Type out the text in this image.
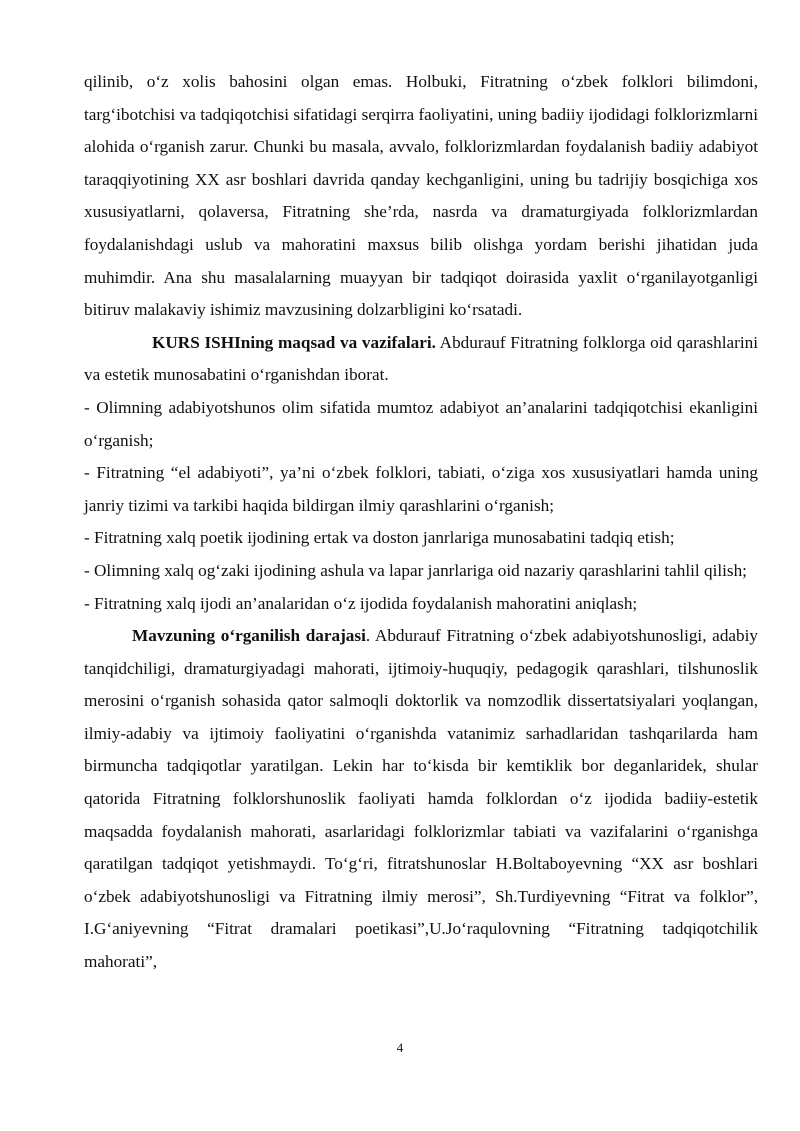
qilinib, o‘z xolis bahosini olgan emas. Holbuki, Fitratning o‘zbek folklori bilimdoni, targ‘ibotchisi va tadqiqotchisi sifatidagi serqirra faoliyatini, uning badiiy ijodidagi folklorizmlarni alohida o‘rganish zarur. Chunki bu masala, avvalo, folklorizmlardan foydalanish badiiy adabiyot taraqqiyotining XX asr boshlari davrida qanday kechganligini, uning bu tadrijiy bosqichiga xos xususiyatlarni, qolaversa, Fitratning she’rda, nasrda va dramaturgiyada folklorizmlardan foydalanishdagi uslub va mahoratini maxsus bilib olishga yordam berishi jihatidan juda muhimdir. Ana shu masalalarning muayyan bir tadqiqot doirasida yaxlit o‘rganilayotganligi bitiruv malakaviy ishimiz mavzusining dolzarbligini ko‘rsatadi.

KURS ISHIning maqsad va vazifalari. Abdurauf Fitratning folklorga oid qarashlarini va estetik munosabatini o‘rganishdan iborat.

- Olimning adabiyotshunos olim sifatida mumtoz adabiyot an’analarini tadqiqotchisi ekanligini o‘rganish;

- Fitratning “el adabiyoti”, ya’ni o‘zbek folklori, tabiati, o‘ziga xos xususiyatlari hamda uning janriy tizimi va tarkibi haqida bildirgan ilmiy qarashlarini o‘rganish;

- Fitratning xalq poetik ijodining ertak va doston janrlariga munosabatini tadqiq etish;

- Olimning xalq og‘zaki ijodining ashula va lapar janrlariga oid nazariy qarashlarini tahlil qilish;

- Fitratning xalq ijodi an’analaridan o‘z ijodida foydalanish mahoratini aniqlash;

Mavzuning o‘rganilish darajasi. Abdurauf Fitratning o‘zbek adabiyotshunosligi, adabiy tanqidchiligi, dramaturgiyadagi mahorati, ijtimoiy-huquqiy, pedagogik qarashlari, tilshunoslik merosini o‘rganish sohasida qator salmoqli doktorlik va nomzodlik dissertatsiyalari yoqlangan, ilmiy-adabiy va ijtimoiy faoliyatini o‘rganishda vatanimiz sarhadlaridan tashqarilarda ham birmuncha tadqiqotlar yaratilgan. Lekin har to‘kisda bir kemtiklik bor deganlaridek, shular qatorida Fitratning folklorshunoslik faoliyati hamda folklordan o‘z ijodida badiiy-estetik maqsadda foydalanish mahorati, asarlaridagi folklorizmlar tabiati va vazifalarini o‘rganishga qaratilgan tadqiqot yetishmaydi. To‘g‘ri, fitratshunoslar H.Boltaboyevning “XX asr boshlari o‘zbek adabiyotshunosligi va Fitratning ilmiy merosi”, Sh.Turdiyevning “Fitrat va folklor”, I.G‘aniyevning “Fitrat dramalari poetikasi”,U.Jo‘raqulovning “Fitratning tadqiqotchilik mahorati”,

4
